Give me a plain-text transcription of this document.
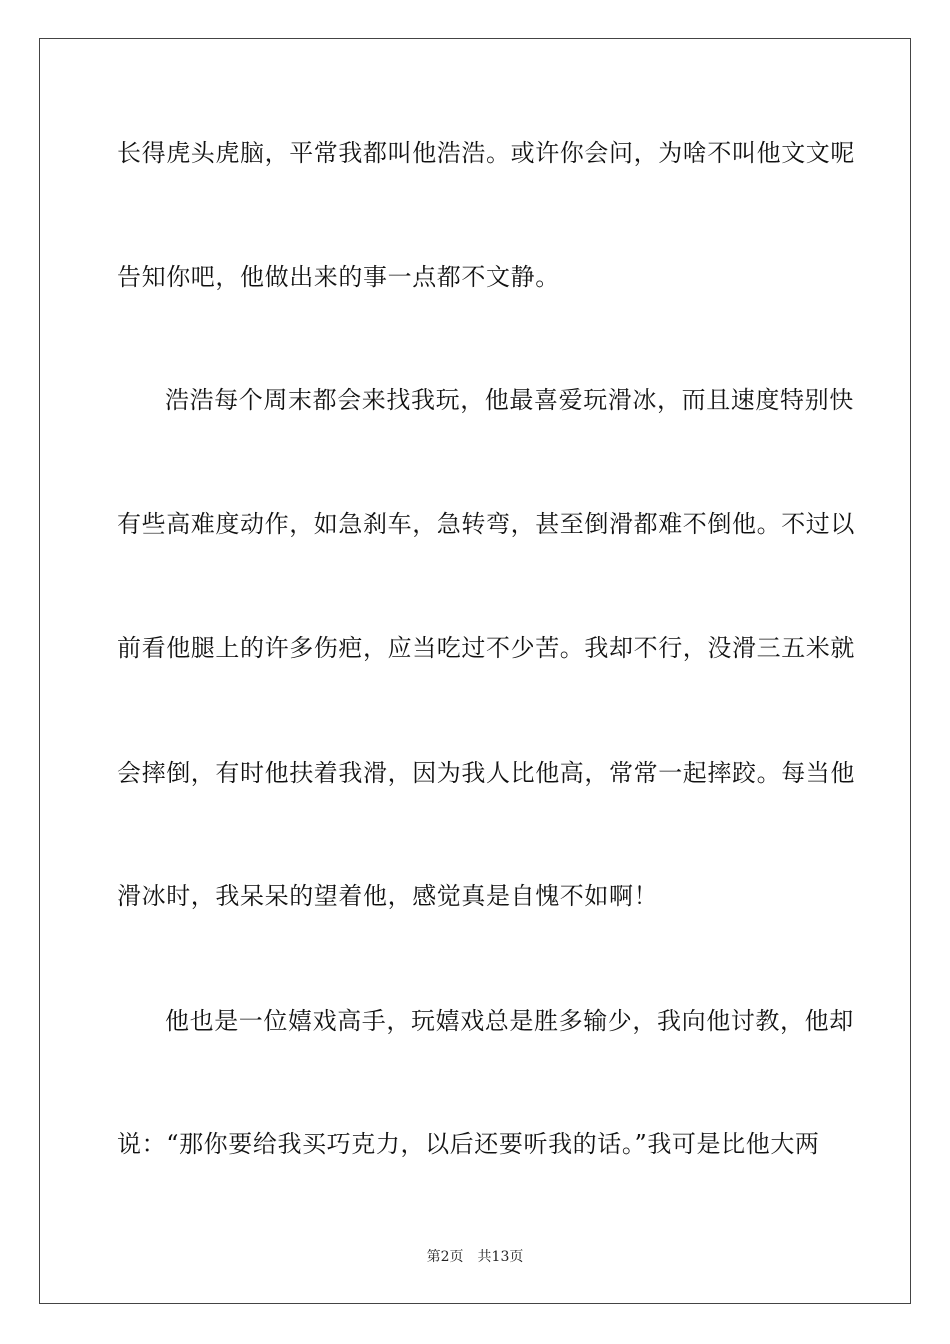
长得虎头虎脑，平常我都叫他浩浩。或许你会问，为啥不叫他文文呢
告知你吧，他做出来的事一点都不文静。
浩浩每个周末都会来找我玩，他最喜爱玩滑冰，而且速度特别快
有些高难度动作，如急刹车，急转弯，甚至倒滑都难不倒他。不过以
前看他腿上的许多伤疤，应当吃过不少苦。我却不行，没滑三五米就
会摔倒，有时他扶着我滑，因为我人比他高，常常一起摔跤。每当他
滑冰时，我呆呆的望着他，感觉真是自愧不如啊！
他也是一位嬉戏高手，玩嬉戏总是胜多输少，我向他讨教，他却
说：“那你要给我买巧克力，以后还要听我的话。”我可是比他大两
第2页 共13页
